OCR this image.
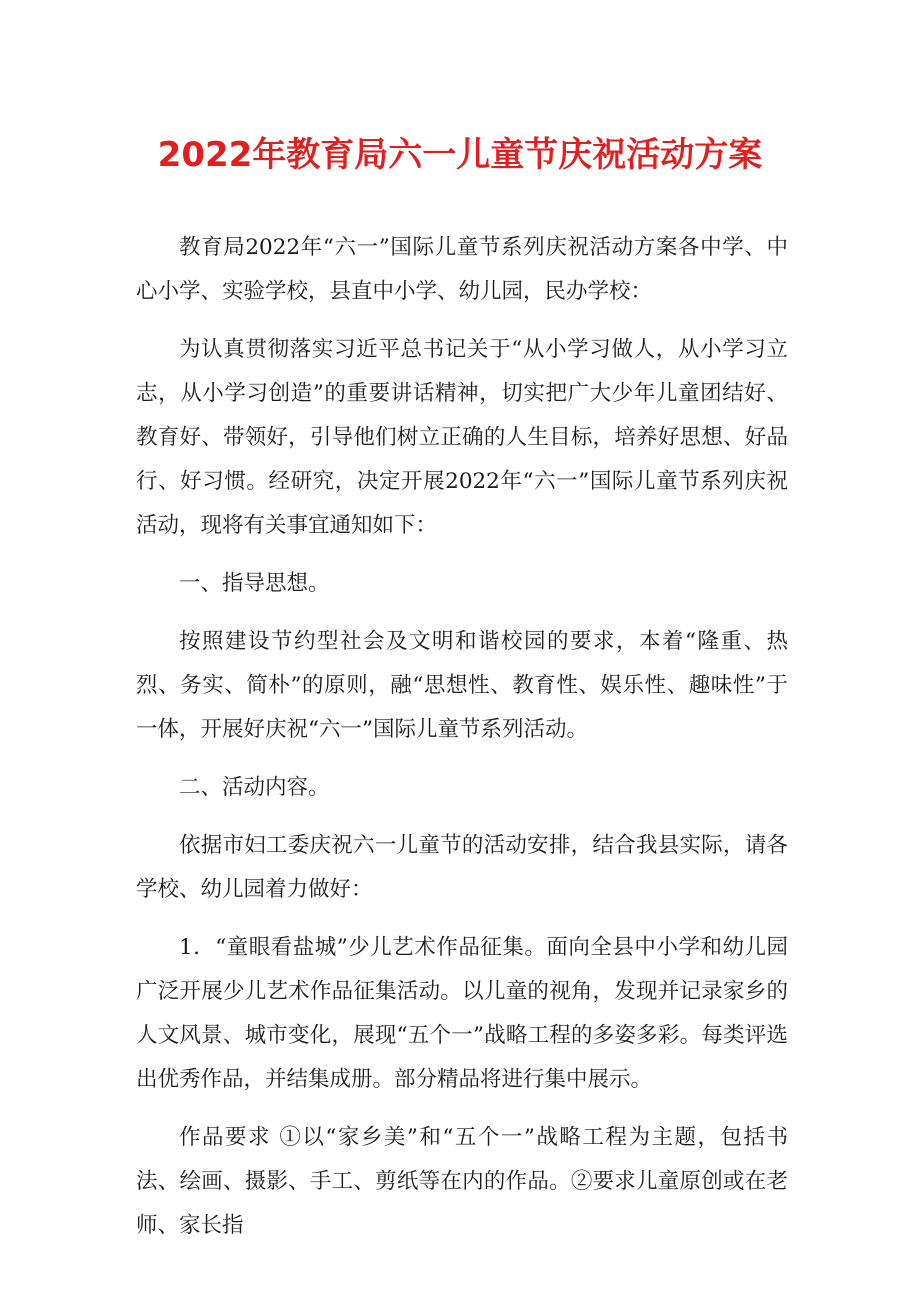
2022年教育局六一儿童节庆祝活动方案

教育局2022年“六一”国际儿童节系列庆祝活动方案各中学、中心小学、实验学校，县直中小学、幼儿园，民办学校：

为认真贯彻落实习近平总书记关于“从小学习做人，从小学习立志，从小学习创造”的重要讲话精神，切实把广大少年儿童团结好、教育好、带领好，引导他们树立正确的人生目标，培养好思想、好品行、好习惯。经研究，决定开展2022年“六一”国际儿童节系列庆祝活动，现将有关事宜通知如下：

一、指导思想。

按照建设节约型社会及文明和谐校园的要求，本着“隆重、热烈、务实、简朴”的原则，融“思想性、教育性、娱乐性、趣味性”于一体，开展好庆祝“六一”国际儿童节系列活动。

二、活动内容。

依据市妇工委庆祝六一儿童节的活动安排，结合我县实际，请各学校、幼儿园着力做好：

1．“童眼看盐城”少儿艺术作品征集。面向全县中小学和幼儿园广泛开展少儿艺术作品征集活动。以儿童的视角，发现并记录家乡的人文风景、城市变化，展现“五个一”战略工程的多姿多彩。每类评选出优秀作品，并结集成册。部分精品将进行集中展示。

作品要求 ①以“家乡美”和“五个一”战略工程为主题，包括书法、绘画、摄影、手工、剪纸等在内的作品。②要求儿童原创或在老师、家长指
